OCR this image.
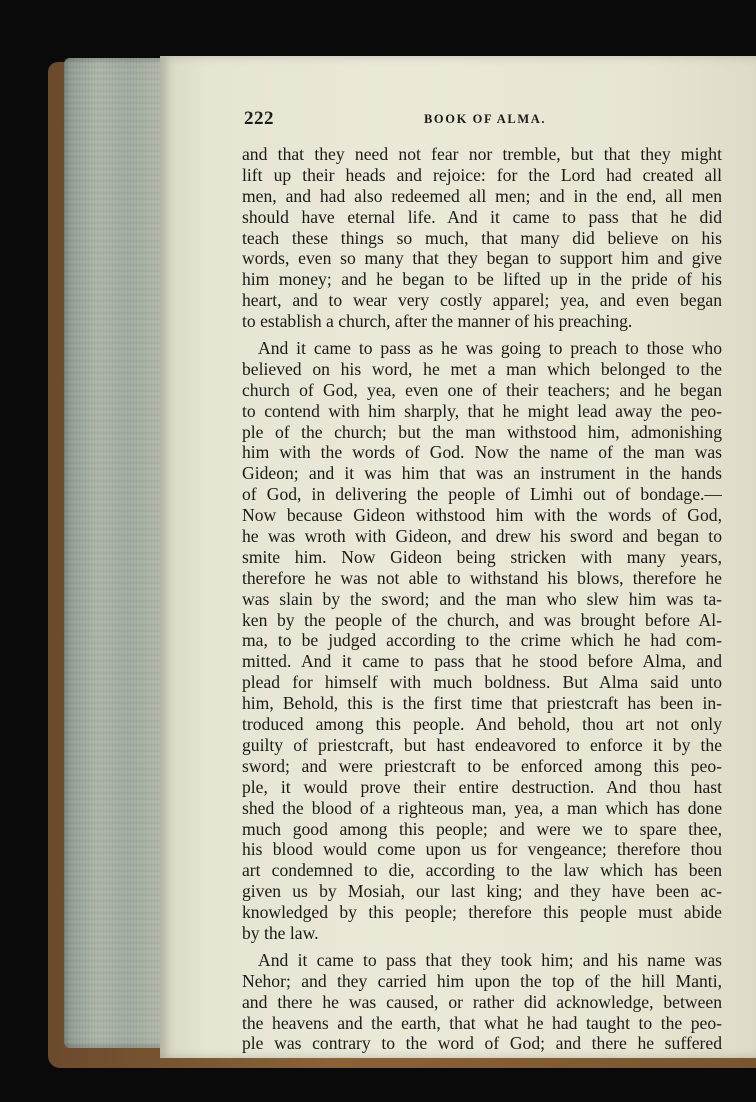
222	BOOK OF ALMA.
and that they need not fear nor tremble, but that they might
lift up their heads and rejoice: for the Lord had created all
men, and had also redeemed all men; and in the end, all men
should have eternal life. And it came to pass that he did
teach these things so much, that many did believe on his
words, even so many that they began to support him and give
him money; and he began to be lifted up in the pride of his
heart, and to wear very costly apparel; yea, and even began
to establish a church, after the manner of his preaching.
And it came to pass as he was going to preach to those who
believed on his word, he met a man which belonged to the
church of God, yea, even one of their teachers; and he began
to contend with him sharply, that he might lead away the peo-
ple of the church; but the man withstood him, admonishing
him with the words of God. Now the name of the man was
Gideon; and it was him that was an instrument in the hands
of God, in delivering the people of Limhi out of bondage.—
Now because Gideon withstood him with the words of God,
he was wroth with Gideon, and drew his sword and began to
smite him. Now Gideon being stricken with many years,
therefore he was not able to withstand his blows, therefore he
was slain by the sword; and the man who slew him was ta-
ken by the people of the church, and was brought before Al-
ma, to be judged according to the crime which he had com-
mitted. And it came to pass that he stood before Alma, and
plead for himself with much boldness. But Alma said unto
him, Behold, this is the first time that priestcraft has been in-
troduced among this people. And behold, thou art not only
guilty of priestcraft, but hast endeavored to enforce it by the
sword; and were priestcraft to be enforced among this peo-
ple, it would prove their entire destruction. And thou hast
shed the blood of a righteous man, yea, a man which has done
much good among this people; and were we to spare thee,
his blood would come upon us for vengeance; therefore thou
art condemned to die, according to the law which has been
given us by Mosiah, our last king; and they have been ac-
knowledged by this people; therefore this people must abide
by the law.
And it came to pass that they took him; and his name was
Nehor; and they carried him upon the top of the hill Manti,
and there he was caused, or rather did acknowledge, between
the heavens and the earth, that what he had taught to the peo-
ple was contrary to the word of God; and there he suffered
